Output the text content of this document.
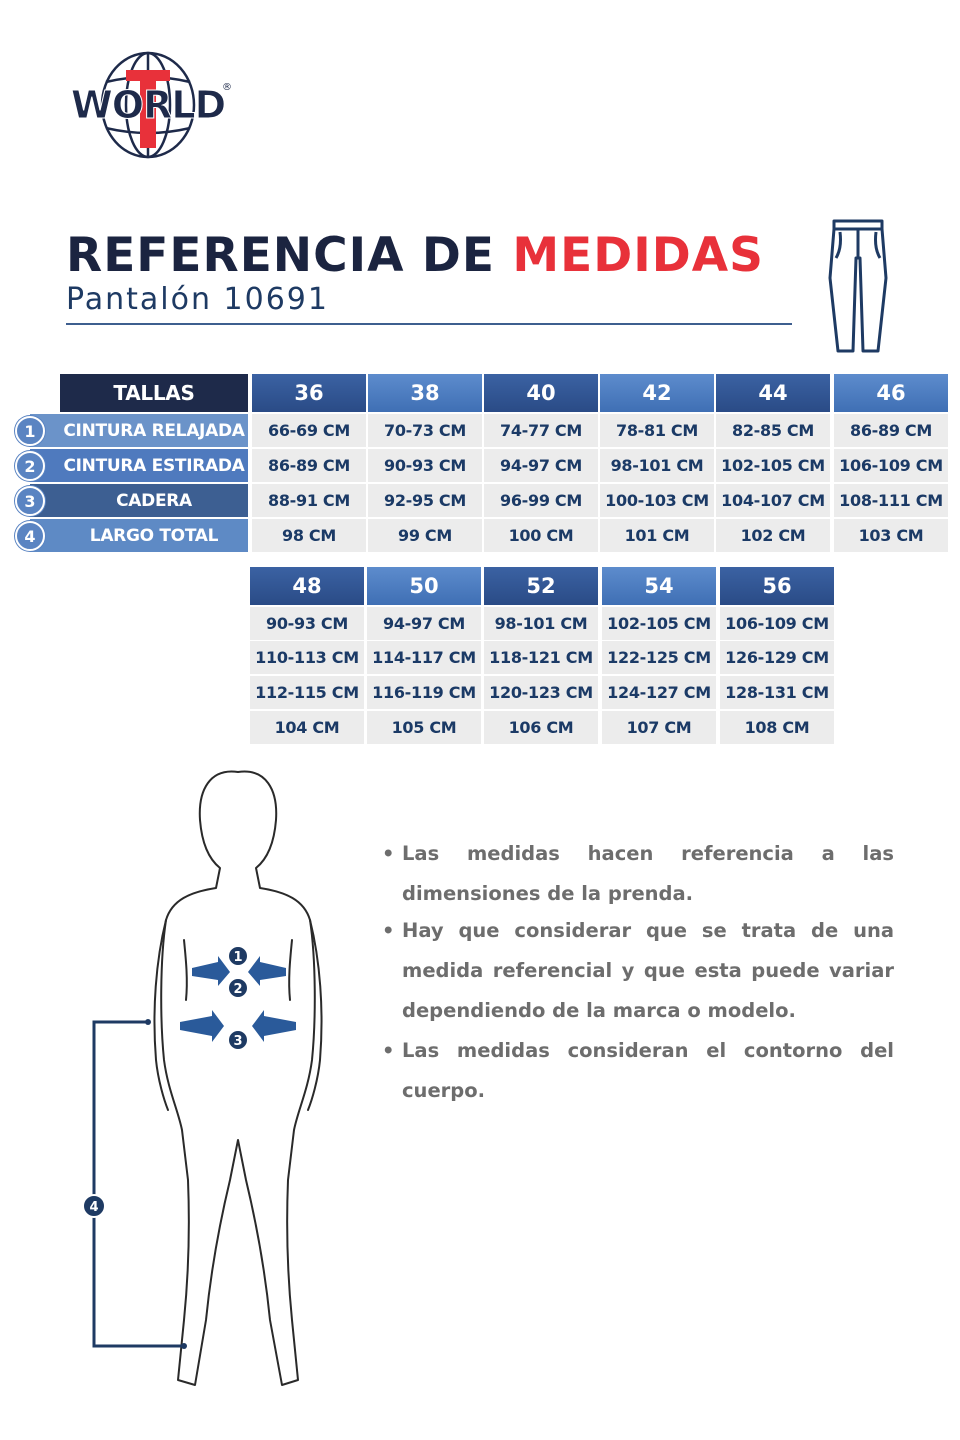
T
WORLD
®
REFERENCIA DE MEDIDAS
Pantalón 10691
TALLAS
CINTURA RELAJADA
1
CINTURA ESTIRADA
2
CADERA
3
LARGO TOTAL
4
36
66-69 CM
86-89 CM
88-91 CM
98 CM
38
70-73 CM
90-93 CM
92-95 CM
99 CM
40
74-77 CM
94-97 CM
96-99 CM
100 CM
42
78-81 CM
98-101 CM
100-103 CM
101 CM
44
82-85 CM
102-105 CM
104-107 CM
102 CM
46
86-89 CM
106-109 CM
108-111 CM
103 CM
48
90-93 CM
110-113 CM
112-115 CM
104 CM
50
94-97 CM
114-117 CM
116-119 CM
105 CM
52
98-101 CM
118-121 CM
120-123 CM
106 CM
54
102-105 CM
122-125 CM
124-127 CM
107 CM
56
106-109 CM
126-129 CM
128-131 CM
108 CM
1
2
3
4
• Las medidas hacen referencia a las dimensiones de la prenda.
• Hay que considerar que se trata de una medida referencial y que esta puede variar dependiendo de la marca o modelo.
• Las medidas consideran el contorno del cuerpo.
